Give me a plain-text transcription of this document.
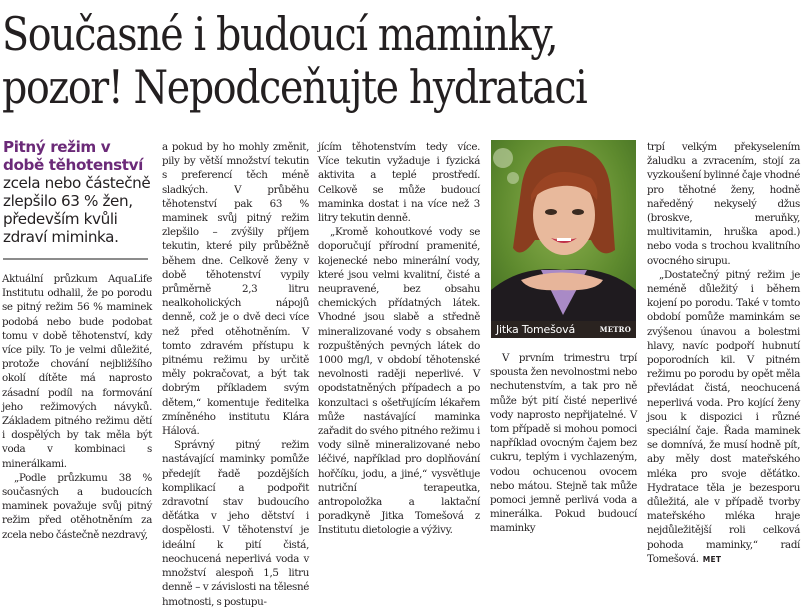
Současné i budoucí maminky,
pozor! Nepodceňujte hydrataci
Pitný režim v době těhotenství zcela nebo částečně zlepšilo 63 % žen, především kvůli zdraví miminka.

Aktuální průzkum AquaLife Institutu odhalil, že po porodu se pitný režim 56 % maminek podobá nebo bude podobat tomu v době těhotenství, kdy více pily. To je velmi důležité, protože chování nejbližšího okolí dítěte má naprosto zásadní podíl na formování jeho režimových návyků. Základem pitného režimu dětí i dospělých by tak měla být voda v kombinaci s minerálkami.

„Podle průzkumu 38 % současných a budoucích maminek považuje svůj pitný režim před otěhotněním za zcela nebo částečně nezdravý,

a pokud by ho mohly změnit, pily by větší množství tekutin s preferencí těch méně sladkých. V průběhu těhotenství pak 63 % maminek svůj pitný režim zlepšilo – zvýšily příjem tekutin, které pily průběžně během dne. Celkově ženy v době těhotenství vypily průměrně 2,3 litru nealkoholických nápojů denně, což je o dvě deci více než před otěhotněním. V tomto zdravém přístupu k pitnému režimu by určitě měly pokračovat, a být tak dobrým příkladem svým dětem,“ komentuje ředitelka zmíněného institutu Klára Hálová.

Správný pitný režim nastávající maminky pomůže předejít řadě pozdějších komplikací a podpořit zdravotní stav budoucího děťátka v jeho dětství i dospělosti. V těhotenství je ideální k pití čistá, neochucená neperlivá voda v množství alespoň 1,5 litru denně – v závislosti na tělesné hmotnosti, s postupu-

jícím těhotenstvím tedy více. Více tekutin vyžaduje i fyzická aktivita a teplé prostředí. Celkově se může budoucí maminka dostat i na více než 3 litry tekutin denně.

„Kromě kohoutkové vody se doporučují přírodní pramenité, kojenecké nebo minerální vody, které jsou velmi kvalitní, čisté a neupravené, bez obsahu chemických přídatných látek. Vhodné jsou slabě a středně mineralizované vody s obsahem rozpuštěných pevných látek do 1000 mg/l, v období těhotenské nevolnosti raději neperlivé. V opodstatněných případech a po konzultaci s ošetřujícím lékařem může nastávající maminka zařadit do svého pitného režimu i vody silně mineralizované nebo léčivé, například pro doplňování hořčíku, jodu, a jiné,“ vysvětluje nutriční terapeutka, antropoložka a laktační poradkyně Jitka Tomešová z Institutu dietologie a výživy.

Jitka Tomešová	METRO

V prvním trimestru trpí spousta žen nevolnostmi nebo nechutenstvím, a tak pro ně může být pití čisté neperlivé vody naprosto nepřijatelné. V tom případě si mohou pomoci například ovocným čajem bez cukru, teplým i vychlazeným, vodou ochucenou ovocem nebo mátou. Stejně tak může pomoci jemně perlivá voda a minerálka. Pokud budoucí maminky

trpí velkým překyselením žaludku a zvracením, stojí za vyzkoušení bylinné čaje vhodné pro těhotné ženy, hodně naředěný nekyselý džus (broskve, meruňky, multivitamin, hruška apod.) nebo voda s trochou kvalitního ovocného sirupu.

„Dostatečný pitný režim je neméně důležitý i během kojení po porodu. Také v tomto období pomůže maminkám se zvýšenou únavou a bolestmi hlavy, navíc podpoří hubnutí poporodních kil. V pitném režimu po porodu by opět měla převládat čistá, neochucená neperlivá voda. Pro kojící ženy jsou k dispozici i různé speciální čaje. Řada maminek se domnívá, že musí hodně pít, aby měly dost mateřského mléka pro svoje děťátko. Hydratace těla je bezesporu důležitá, ale v případě tvorby mateřského mléka hraje nejdůležitější roli celková pohoda maminky,“ radí Tomešová. MET
